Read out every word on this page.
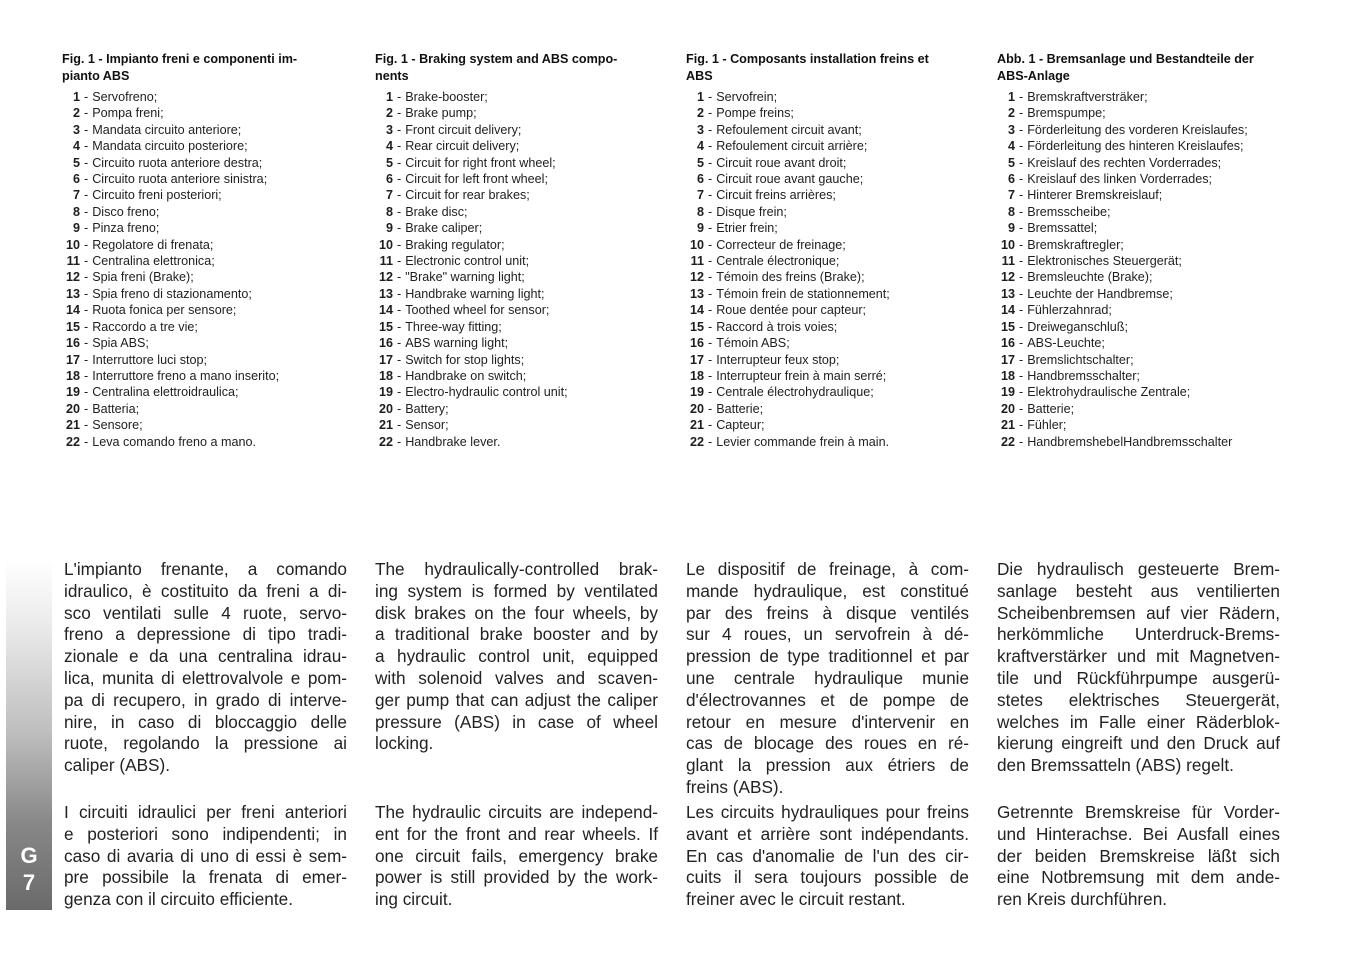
G
7
Fig. 1 - Impianto freni e componenti im-
pianto ABS
1 - Servofreno;
2 - Pompa freni;
3 - Mandata circuito anteriore;
4 - Mandata circuito posteriore;
5 - Circuito ruota anteriore destra;
6 - Circuito ruota anteriore sinistra;
7 - Circuito freni posteriori;
8 - Disco freno;
9 - Pinza freno;
10 - Regolatore di frenata;
11 - Centralina elettronica;
12 - Spia freni (Brake);
13 - Spia freno di stazionamento;
14 - Ruota fonica per sensore;
15 - Raccordo a tre vie;
16 - Spia ABS;
17 - Interruttore luci stop;
18 - Interruttore freno a mano inserito;
19 - Centralina elettroidraulica;
20 - Batteria;
21 - Sensore;
22 - Leva comando freno a mano.
Fig. 1 - Braking system and ABS compo-
nents
1 - Brake-booster;
2 - Brake pump;
3 - Front circuit delivery;
4 - Rear circuit delivery;
5 - Circuit for right front wheel;
6 - Circuit for left front wheel;
7 - Circuit for rear brakes;
8 - Brake disc;
9 - Brake caliper;
10 - Braking regulator;
11 - Electronic control unit;
12 - "Brake" warning light;
13 - Handbrake warning light;
14 - Toothed wheel for sensor;
15 - Three-way fitting;
16 - ABS warning light;
17 - Switch for stop lights;
18 - Handbrake on switch;
19 - Electro-hydraulic control unit;
20 - Battery;
21 - Sensor;
22 - Handbrake lever.
Fig. 1 - Composants installation freins et
ABS
1 - Servofrein;
2 - Pompe freins;
3 - Refoulement circuit avant;
4 - Refoulement circuit arrière;
5 - Circuit roue avant droit;
6 - Circuit roue avant gauche;
7 - Circuit freins arrières;
8 - Disque frein;
9 - Etrier frein;
10 - Correcteur de freinage;
11 - Centrale électronique;
12 - Témoin des freins (Brake);
13 - Témoin frein de stationnement;
14 - Roue dentée pour capteur;
15 - Raccord à trois voies;
16 - Témoin ABS;
17 - Interrupteur feux stop;
18 - Interrupteur frein à main serré;
19 - Centrale électrohydraulique;
20 - Batterie;
21 - Capteur;
22 - Levier commande frein à main.
Abb. 1 - Bremsanlage und Bestandteile der
ABS-Anlage
1 - Bremskraftversträker;
2 - Bremspumpe;
3 - Förderleitung des vorderen Kreislaufes;
4 - Förderleitung des hinteren Kreislaufes;
5 - Kreislauf des rechten Vorderrades;
6 - Kreislauf des linken Vorderrades;
7 - Hinterer Bremskreislauf;
8 - Bremsscheibe;
9 - Bremssattel;
10 - Bremskraftregler;
11 - Elektronisches Steuergerät;
12 - Bremsleuchte (Brake);
13 - Leuchte der Handbremse;
14 - Fühlerzahnrad;
15 - Dreiweganschluß;
16 - ABS-Leuchte;
17 - Bremslichtschalter;
18 - Handbremsschalter;
19 - Elektrohydraulische Zentrale;
20 - Batterie;
21 - Fühler;
22 - HandbremshebelHandbremsschalter
L'impianto frenante, a comando
idraulico, è costituito da freni a di-
sco ventilati sulle 4 ruote, servo-
freno a depressione di tipo tradi-
zionale e da una centralina idrau-
lica, munita di elettrovalvole e pom-
pa di recupero, in grado di interve-
nire, in caso di bloccaggio delle
ruote, regolando la pressione ai
caliper (ABS).
I circuiti idraulici per freni anteriori
e posteriori sono indipendenti; in
caso di avaria di uno di essi è sem-
pre possibile la frenata di emer-
genza con il circuito efficiente.
The hydraulically-controlled brak-
ing system is formed by ventilated
disk brakes on the four wheels, by
a traditional brake booster and by
a hydraulic control unit, equipped
with solenoid valves and scaven-
ger pump that can adjust the caliper
pressure (ABS) in case of wheel
locking.
The hydraulic circuits are independ-
ent for the front and rear wheels. If
one circuit fails, emergency brake
power is still provided by the work-
ing circuit.
Le dispositif de freinage, à com-
mande hydraulique, est constitué
par des freins à disque ventilés
sur 4 roues, un servofrein à dé-
pression de type traditionnel et par
une centrale hydraulique munie
d'électrovannes et de pompe de
retour en mesure d'intervenir en
cas de blocage des roues en ré-
glant la pression aux étriers de
freins (ABS).
Les circuits hydrauliques pour freins
avant et arrière sont indépendants.
En cas d'anomalie de l'un des cir-
cuits il sera toujours possible de
freiner avec le circuit restant.
Die hydraulisch gesteuerte Brem-
sanlage besteht aus ventilierten
Scheibenbremsen auf vier Rädern,
herkömmliche Unterdruck-Brems-
kraftverstärker und mit Magnetven-
tile und Rückführpumpe ausgerü-
stetes elektrisches Steuergerät,
welches im Falle einer Räderblok-
kierung eingreift und den Druck auf
den Bremssatteln (ABS) regelt.
Getrennte Bremskreise für Vorder-
und Hinterachse. Bei Ausfall eines
der beiden Bremskreise läßt sich
eine Notbremsung mit dem ande-
ren Kreis durchführen.
